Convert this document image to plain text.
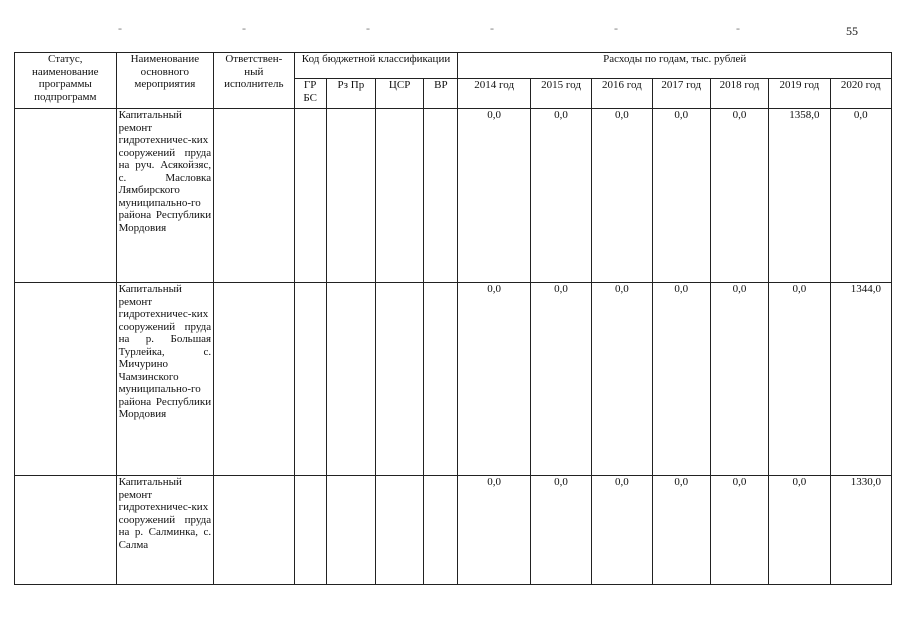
-	-	-	-	-	-	55
Статус, наименование программы подпрограмм	Наименование основного мероприятия	Ответствен-ный исполнитель	Код бюджетной классификации				Расходы по годам, тыс. рублей						
			ГР БС	Рз Пр	ЦСР	ВР	2014 год	2015 год	2016 год	2017 год	2018 год	2019 год	2020 год
	Капитальный ремонт гидротехничес-ких сооружений пруда на руч. Асякойзяс, с. Масловка Лямбирского муниципально-го района Республики Мордовия						0,0	0,0	0,0	0,0	0,0	1358,0	0,0
	Капитальный ремонт гидротехничес-ких сооружений пруда на р. Большая Турлейка, с. Мичурино Чамзинского муниципально-го района Республики Мордовия						0,0	0,0	0,0	0,0	0,0	0,0	1344,0
	Капитальный ремонт гидротехничес-ких сооружений пруда на р. Салминка, с. Салма						0,0	0,0	0,0	0,0	0,0	0,0	1330,0
